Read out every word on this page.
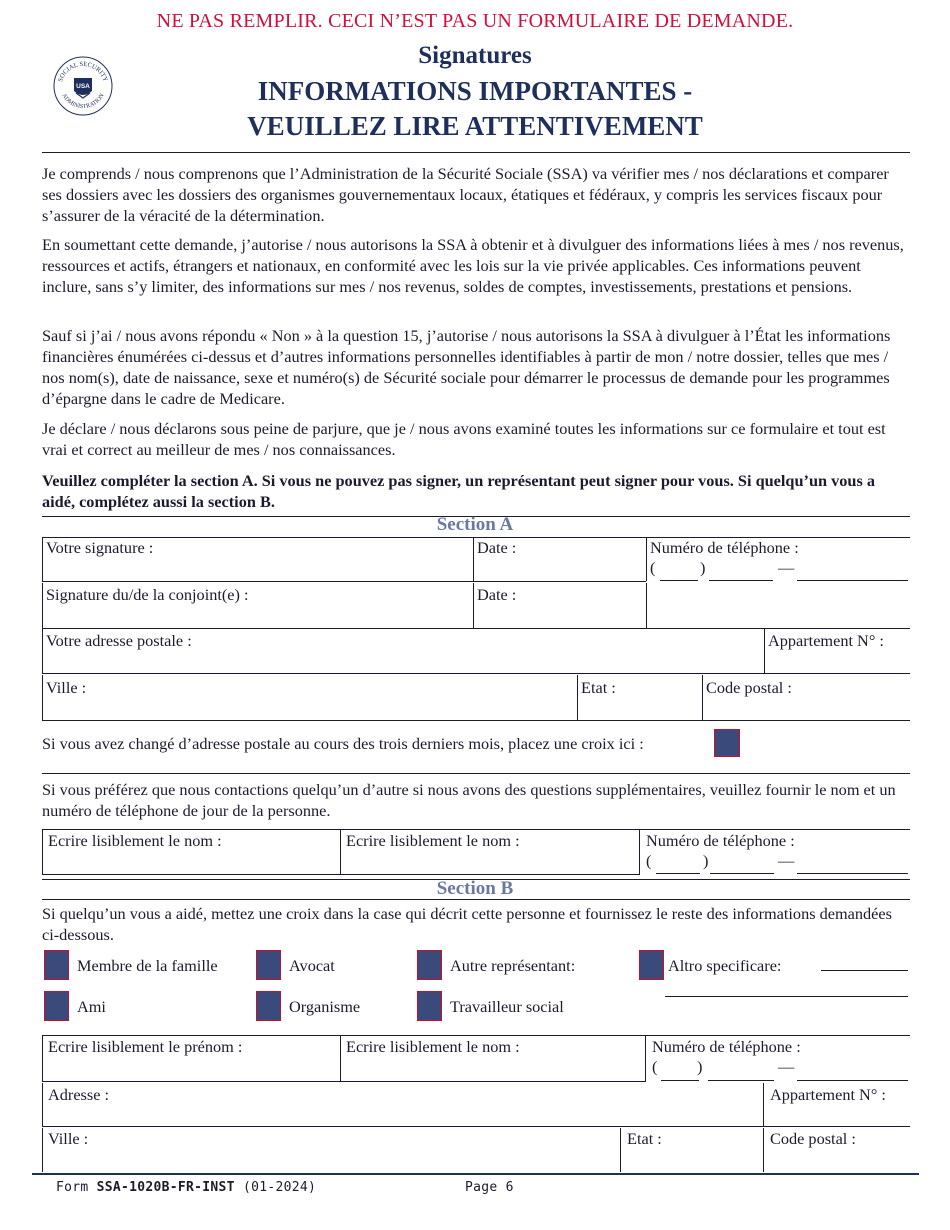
NE PAS REMPLIR. CECI N’EST PAS UN FORMULAIRE DE DEMANDE.
SOCIAL SECURITY
ADMINISTRATION
USA
Signatures
INFORMATIONS IMPORTANTES -
VEUILLEZ LIRE ATTENTIVEMENT
Je comprends / nous comprenons que l’Administration de la Sécurité Sociale (SSA) va vérifier mes / nos déclarations et comparer ses dossiers avec les dossiers des organismes gouvernementaux locaux, étatiques et fédéraux, y compris les services fiscaux pour s’assurer de la véracité de la détermination.
En soumettant cette demande, j’autorise / nous autorisons la SSA à obtenir et à divulguer des informations liées à mes / nos revenus, ressources et actifs, étrangers et nationaux, en conformité avec les lois sur la vie privée applicables. Ces informations peuvent inclure, sans s’y limiter, des informations sur mes / nos revenus, soldes de comptes, investissements, prestations et pensions.
Sauf si j’ai / nous avons répondu « Non » à la question 15, j’autorise / nous autorisons la SSA à divulguer à l’État les informations financières énumérées ci-dessus et d’autres informations personnelles identifiables à partir de mon / notre dossier, telles que mes / nos nom(s), date de naissance, sexe et numéro(s) de Sécurité sociale pour démarrer le processus de demande pour les programmes d’épargne dans le cadre de Medicare.
Je déclare / nous déclarons sous peine de parjure, que je / nous avons examiné toutes les informations sur ce formulaire et tout est vrai et correct au meilleur de mes / nos connaissances.
Veuillez compléter la section A. Si vous ne pouvez pas signer, un représentant peut signer pour vous. Si quelqu’un vous a aidé, complétez aussi la section B.
Section A
Votre signature :	Date :	Numéro de téléphone :
(	)	—
Signature du/de la conjoint(e) :	Date :
Votre adresse postale :	Appartement N° :
Ville :	Etat :	Code postal :
Si vous avez changé d’adresse postale au cours des trois derniers mois, placez une croix ici :
Si vous préférez que nous contactions quelqu’un d’autre si nous avons des questions supplémentaires, veuillez fournir le nom et un numéro de téléphone de jour de la personne.
Ecrire lisiblement le nom :	Ecrire lisiblement le nom :	Numéro de téléphone :
(	)	—
Section B
Si quelqu’un vous a aidé, mettez une croix dans la case qui décrit cette personne et fournissez le reste des informations demandées ci-dessous.
Membre de la famille	Avocat	Autre représentant:	Altro specificare:
Ami	Organisme	Travailleur social
Ecrire lisiblement le prénom :	Ecrire lisiblement le nom :	Numéro de téléphone :
( )	—
Adresse :	Appartement N° :
Ville :	Etat :	Code postal :
Form SSA-1020B-FR-INST (01-2024)	Page 6
